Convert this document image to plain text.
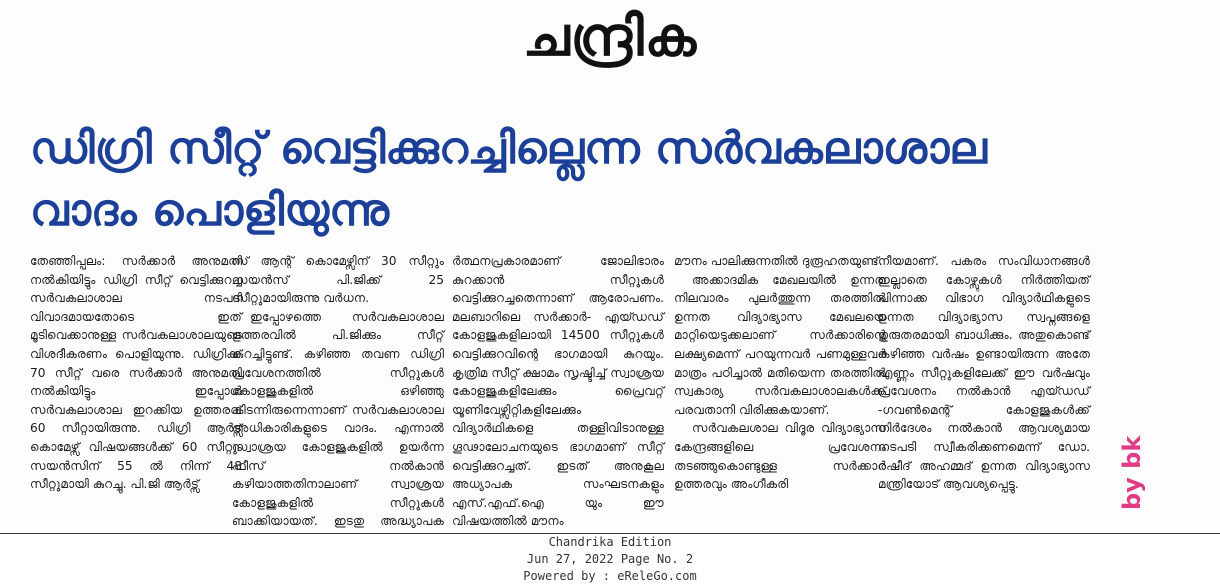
ചന്ദ്രിക
ഡിഗ്രി സീറ്റ് വെട്ടിക്കുറച്ചില്ലെന്ന സർവകലാശാല
വാദം പൊളിയുന്നു

തേഞ്ഞിപ്പലം: സർക്കാർ അനുമതി നൽകിയിട്ടും ഡിഗ്രി സീറ്റ് വെട്ടിക്കുറച്ച സർവകലാശാല നടപടി വിവാദമായതോടെ ഇത് മൂടിവെക്കാനുള്ള സർവകലാശാലയുടെ വിശദീകരണം പൊളിയുന്നു. ഡിഗ്രിക്ക് 70 സീറ്റ് വരെ സർക്കാർ അനുമതി നൽകിയിട്ടും ഇപ്പോൾ സർവകലാശാല ഇറക്കിയ ഉത്തരവ് 60 സീറ്റായിരുന്നു. ഡിഗ്രി ആർട്സ് കൊമേഴ്സ് വിഷയങ്ങൾക്ക് 60 സീറ്റും സയൻസിന് 55 ൽ നിന്ന് 48 സീറ്റുമായി കുറച്ചു. പി.ജി ആർട്സ്

സ് ആന്റ് കൊമേഴ്സിന് 30 സീറ്റും സയൻസ് പി.ജിക്ക് 25 സീറ്റുമായിരുന്നു വർധന.

ഇപ്പോഴത്തെ സർവകലാശാല ഉത്തരവിൽ പി.ജിക്കും സീറ്റ് കുറച്ചിട്ടുണ്ട്. കഴിഞ്ഞ തവണ ഡിഗ്രി പ്രവേശനത്തിൽ സീറ്റുകൾ കോളജുകളിൽ ഒഴിഞ്ഞു കിടന്നിരുന്നെന്നാണ് സർവകലാശാല അധികാരികളുടെ വാദം. എന്നാൽ സ്വാശ്രയ കോളജുകളിൽ ഉയർന്ന ഫീസ് നൽകാൻ കഴിയാത്തതിനാലാണ് സ്വാശ്രയ കോളജുകളിൽ സീറ്റുകൾ ബാക്കിയായത്. ഇടതു അദ്ധ്യാപക

ർത്ഥനപ്രകാരമാണ് ജോലിഭാരം കുറക്കാൻ സീറ്റുകൾ വെട്ടിക്കുറച്ചതെന്നാണ് ആരോപണം. മലബാറിലെ സർക്കാർ- എയ്ഡഡ് കോളജുകളിലായി 14500 സീറ്റുകൾ വെട്ടിക്കുറവിന്റെ ഭാഗമായി കുറയും. കൃത്രിമ സീറ്റ് ക്ഷാമം സൃഷ്ടിച്ച് സ്വാശ്രയ കോളജുകളിലേക്കും പ്രൈവറ്റ് യൂണിവേഴ്സിറ്റികളിലേക്കും വിദ്യാർഥികളെ തള്ളിവിടാനുള്ള ഗൂഢാലോചനയുടെ ഭാഗമാണ് സീറ്റ് വെട്ടിക്കുറച്ചത്. ഇടത് അനുകൂല അധ്യാപക സംഘടനകളും എസ്.എഫ്.ഐ യും ഈ വിഷയത്തിൽ മൗനം

മൗനം പാലിക്കുന്നതിൽ ദുരൂഹതയുണ്ട്.

അക്കാദമിക മേഖലയിൽ ഉന്നത നിലവാരം പുലർത്തുന്ന തരത്തിൽ ഉന്നത വിദ്യാഭ്യാസ മേഖലയെ മാറ്റിയെടുക്കലാണ് സർക്കാരിന്റെ ലക്ഷ്യമെന്ന് പറയുന്നവർ പണമുള്ളവർ മാത്രം പഠിച്ചാൽ മതിയെന്ന തരത്തിൽ സ്വകാര്യ സർവകലാശാലകൾക്ക് പരവതാനി വിരിക്കുകയാണ്.

സർവകലശാല വിദൂര വിദ്യാഭ്യാസ കേന്ദ്രങ്ങളിലെ പ്രവേശനം തടഞ്ഞുകൊണ്ടുള്ള സർക്കാർ ഉത്തരവും അംഗീകരി

നീയമാണ്. പകരം സംവിധാനങ്ങൾ ഇല്ലാതെ കോഴ്സുകൾ നിർത്തിയത് പിന്നാക്ക വിഭാഗ വിദ്യാർഥികളുടെ ഉന്നത വിദ്യാഭ്യാസ സ്വപ്നങ്ങളെ ഗുരുതരമായി ബാധിക്കും. അതുകൊണ്ട് കഴിഞ്ഞ വർഷം ഉണ്ടായിരുന്ന അതേ എണ്ണം സീറ്റുകളിലേക്ക് ഈ വർഷവും പ്രവേശനം നൽകാൻ എയ്ഡഡ് -ഗവൺമെന്റ് കോളജുകൾക്ക് നിർദേശം നൽകാൻ ആവശ്യമായ നടപടി സ്വീകരിക്കണമെന്ന് ഡോ. റഷീദ് അഹമ്മദ് ഉന്നത വിദ്യാഭ്യാസ മന്ത്രിയോട് ആവശ്യപ്പെട്ടു.	by bk
Chandrika Edition
Jun 27, 2022 Page No. 2
Powered by : eReleGo.com
